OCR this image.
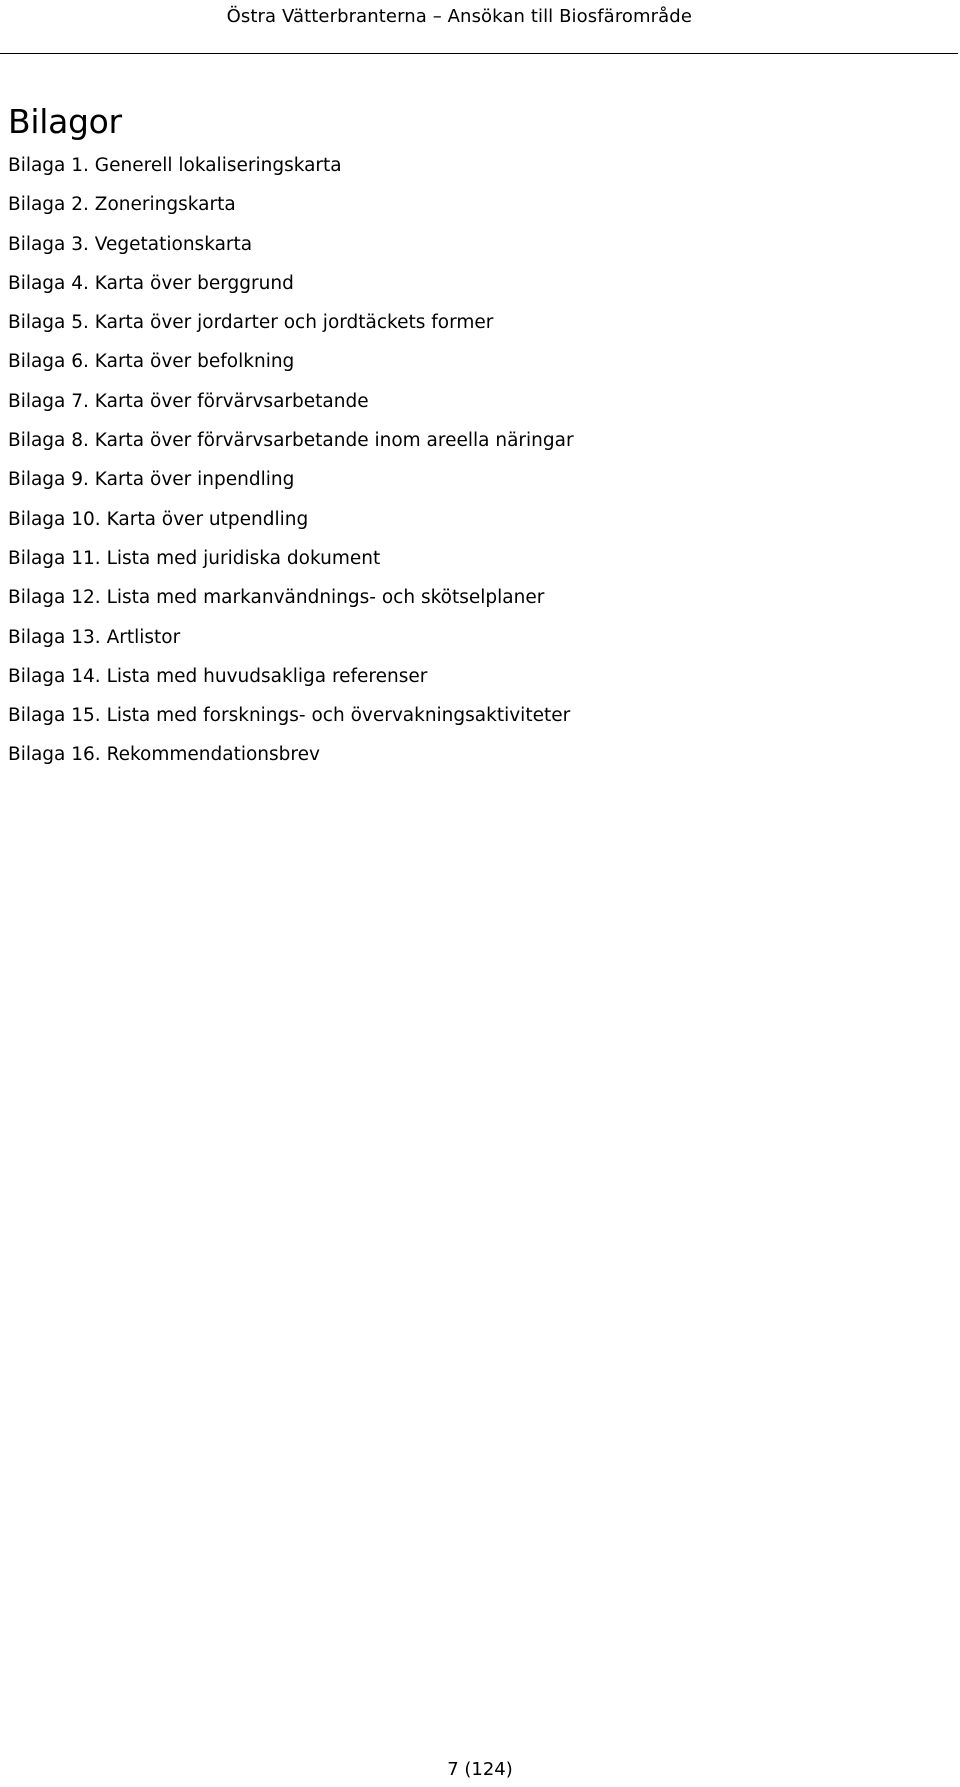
Östra Vätterbranterna – Ansökan till Biosfärområde
Bilagor
Bilaga 1. Generell lokaliseringskarta
Bilaga 2. Zoneringskarta
Bilaga 3. Vegetationskarta
Bilaga 4. Karta över berggrund
Bilaga 5. Karta över jordarter och jordtäckets former
Bilaga 6. Karta över befolkning
Bilaga 7. Karta över förvärvsarbetande
Bilaga 8. Karta över förvärvsarbetande inom areella näringar
Bilaga 9. Karta över inpendling
Bilaga 10. Karta över utpendling
Bilaga 11. Lista med juridiska dokument
Bilaga 12. Lista med markanvändnings- och skötselplaner
Bilaga 13. Artlistor
Bilaga 14. Lista med huvudsakliga referenser
Bilaga 15. Lista med forsknings- och övervakningsaktiviteter
Bilaga 16. Rekommendationsbrev
7 (124)
